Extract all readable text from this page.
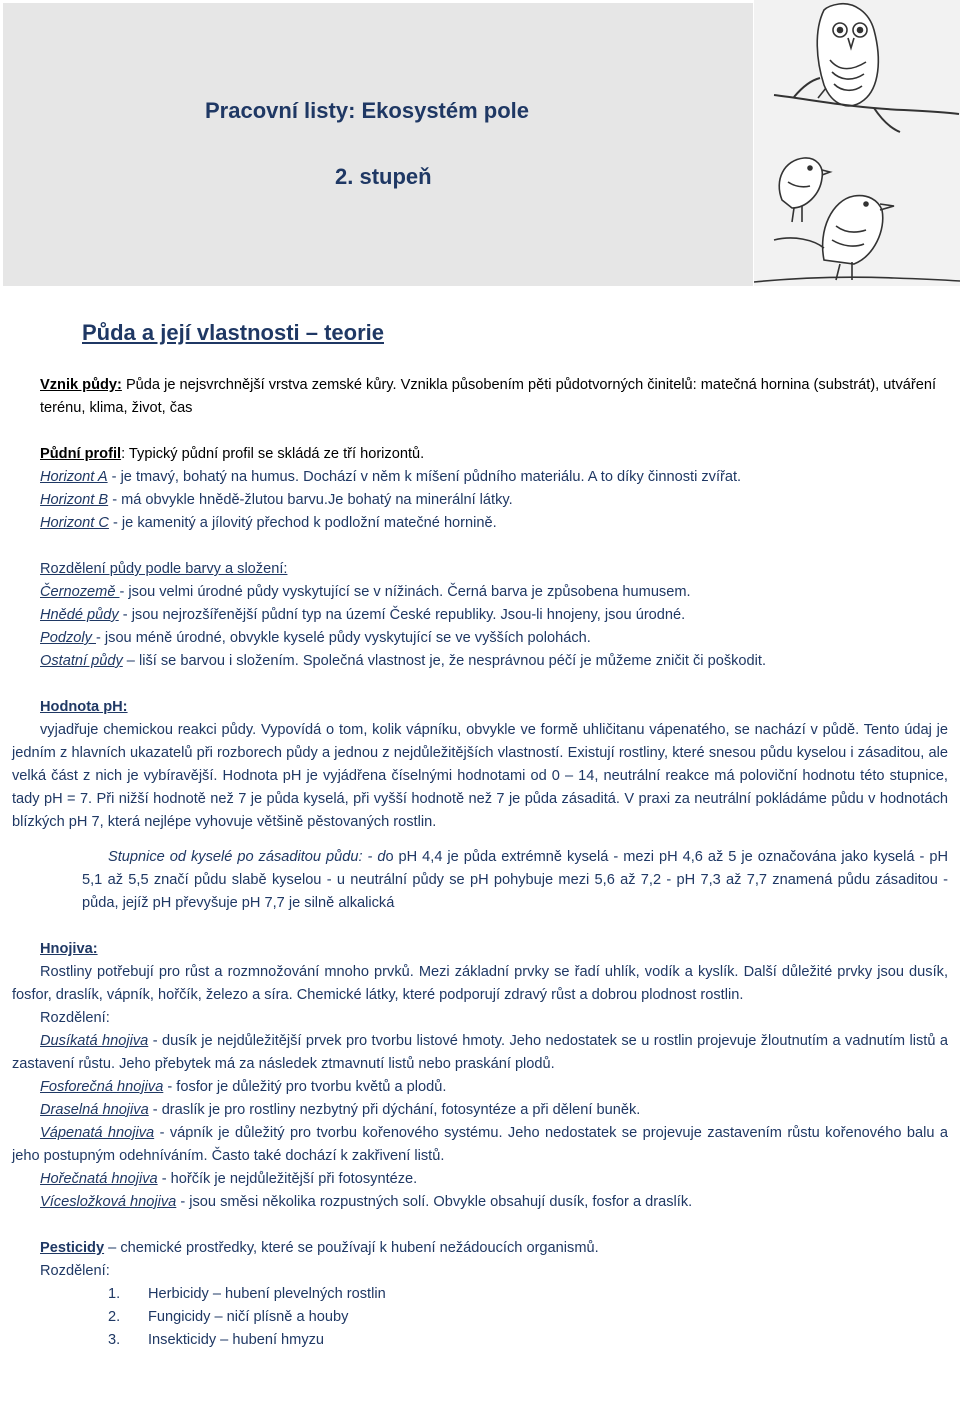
Pracovní listy: Ekosystém pole
2. stupeň
Půda a její vlastnosti – teorie

Vznik půdy: Půda je nejsvrchnější vrstva zemské kůry. Vznikla působením pěti půdotvorných činitelů: matečná hornina (substrát), utváření terénu, klima, život, čas

Půdní profil: Typický půdní profil se skládá ze tří horizontů.

Horizont A - je tmavý, bohatý na humus. Dochází v něm k míšení půdního materiálu. A to díky činnosti zvířat.

Horizont B - má obvykle hnědě-žlutou barvu.Je bohatý na minerální látky.

Horizont C - je kamenitý a jílovitý přechod k podložní matečné hornině.

Rozdělení půdy podle barvy a složení:

Černozemě - jsou velmi úrodné půdy vyskytující se v nížinách. Černá barva je způsobena humusem.

Hnědé půdy - jsou nejrozšířenější půdní typ na území České republiky. Jsou-li hnojeny, jsou úrodné.

Podzoly - jsou méně úrodné, obvykle kyselé půdy vyskytující se ve vyšších polohách.

Ostatní půdy – liší se barvou i složením. Společná vlastnost je, že nesprávnou péčí je můžeme zničit či poškodit.

Hodnota pH:

vyjadřuje chemickou reakci půdy. Vypovídá o tom, kolik vápníku, obvykle ve formě uhličitanu vápenatého, se nachází v půdě. Tento údaj je jedním z hlavních ukazatelů při rozborech půdy a jednou z nejdůležitějších vlastností. Existují rostliny, které snesou půdu kyselou i zásaditou, ale velká část z nich je vybíravější. Hodnota pH je vyjádřena číselnými hodnotami od 0 – 14, neutrální reakce má poloviční hodnotu této stupnice, tady pH = 7. Při nižší hodnotě než 7 je půda kyselá, při vyšší hodnotě než 7 je půda zásaditá. V praxi za neutrální pokládáme půdu v hodnotách blízkých pH 7, která nejlépe vyhovuje většině pěstovaných rostlin.

Stupnice od kyselé po zásaditou půdu: - do pH 4,4 je půda extrémně kyselá - mezi pH 4,6 až 5 je označována jako kyselá - pH 5,1 až 5,5 značí půdu slabě kyselou - u neutrální půdy se pH pohybuje mezi 5,6 až 7,2 - pH 7,3 až 7,7 znamená půdu zásaditou - půda, jejíž pH převyšuje pH 7,7 je silně alkalická

Hnojiva:

Rostliny potřebují pro růst a rozmnožování mnoho prvků. Mezi základní prvky se řadí uhlík, vodík a kyslík. Další důležité prvky jsou dusík, fosfor, draslík, vápník, hořčík, železo a síra. Chemické látky, které podporují zdravý růst a dobrou plodnost rostlin.

Rozdělení:

Dusíkatá hnojiva - dusík je nejdůležitější prvek pro tvorbu listové hmoty. Jeho nedostatek se u rostlin projevuje žloutnutím a vadnutím listů a zastavení růstu. Jeho přebytek má za následek ztmavnutí listů nebo praskání plodů.

Fosforečná hnojiva - fosfor je důležitý pro tvorbu květů a plodů.

Draselná hnojiva - draslík je pro rostliny nezbytný při dýchání, fotosyntéze a při dělení buněk.

Vápenatá hnojiva - vápník je důležitý pro tvorbu kořenového systému. Jeho nedostatek se projevuje zastavením růstu kořenového balu a jeho postupným odehníváním. Často také dochází k zakřivení listů.

Hořečnatá hnojiva - hořčík je nejdůležitější při fotosyntéze.

Vícesložková hnojiva - jsou směsi několika rozpustných solí. Obvykle obsahují dusík, fosfor a draslík.

Pesticidy – chemické prostředky, které se používají k hubení nežádoucích organismů.

Rozdělení:

1. Herbicidy – hubení plevelných rostlin
2. Fungicidy – ničí plísně a houby
3. Insekticidy – hubení hmyzu
